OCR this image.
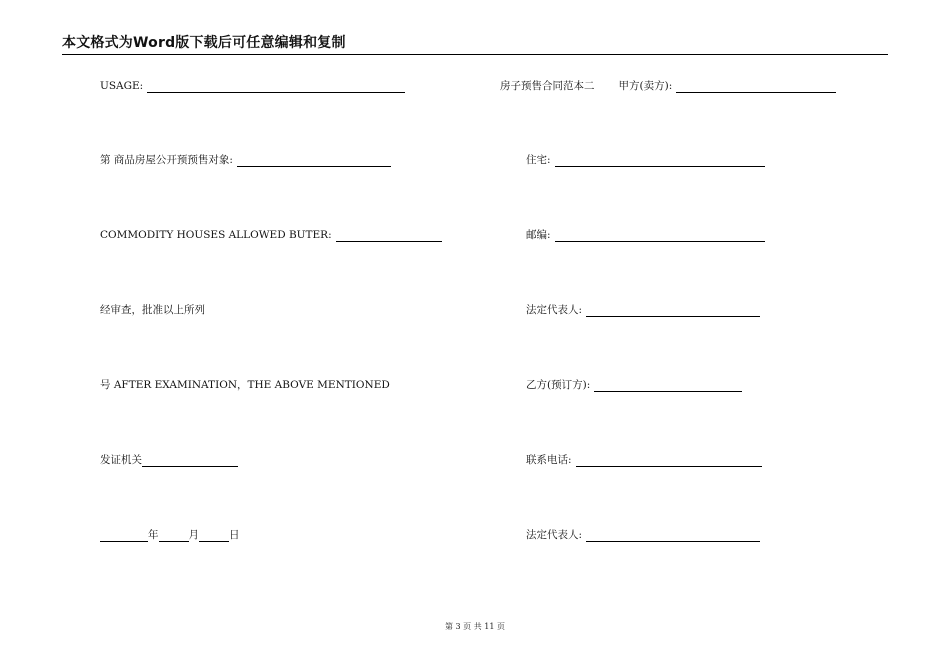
本文格式为Word版下载后可任意编辑和复制
USAGE:
第 商品房屋公开预预售对象:
COMMODITY HOUSES ALLOWED BUTER:
经审查，批准以上所列
号 AFTER EXAMINATION，THE ABOVE MENTIONED
发证机关
年	月	日
房子预售合同范本二 甲方(卖方):
住宅:
邮编:
法定代表人:
乙方(预订方):
联系电话:
法定代表人:
第 3 页 共 11 页
